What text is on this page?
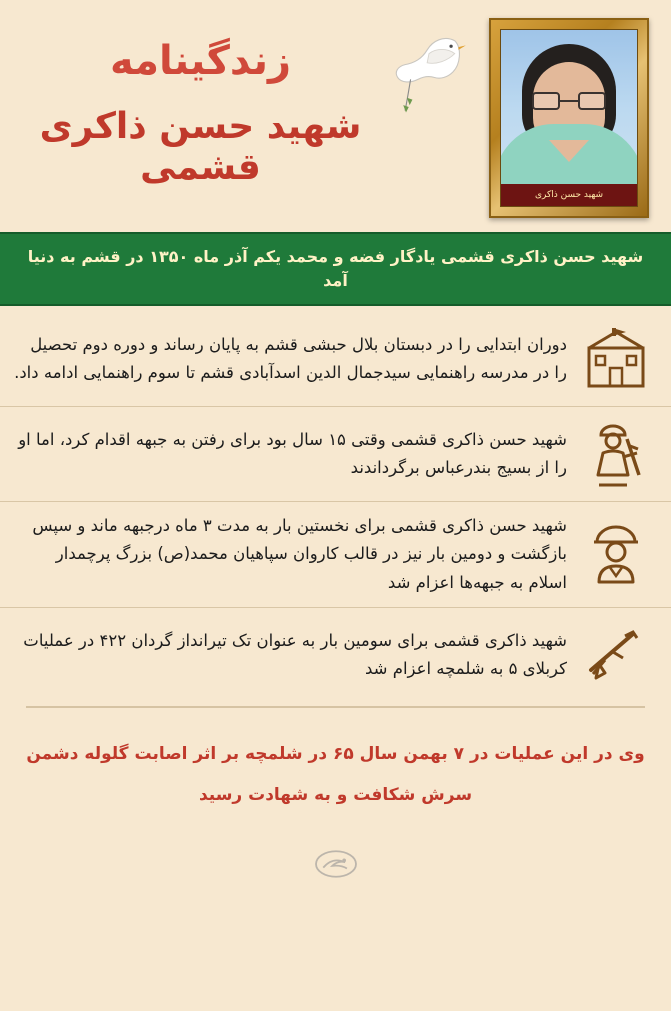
شهید حسن ذاکری
زندگینامه
شهید حسن ذاکری قشمی
شهید حسن ذاکری قشمی یادگار فضه و محمد یکم آذر ماه ۱۳۵۰ در قشم به دنیا آمد
دوران ابتدایی را در دبستان بلال حبشی قشم به پایان رساند و دوره دوم تحصیل را در مدرسه راهنمایی سیدجمال الدین اسدآبادی قشم تا سوم راهنمایی ادامه داد.
شهید حسن ذاکری قشمی وقتی ۱۵ سال بود برای رفتن به جبهه اقدام کرد، اما او را از بسیج بندرعباس برگرداندند
شهید حسن ذاکری قشمی برای نخستین بار به مدت ۳ ماه درجبهه ماند و سپس بازگشت و دومین بار نیز در قالب کاروان سپاهیان محمد(ص) بزرگ پرچمدار اسلام به جبهه‌ها اعزام شد
شهید ذاکری قشمی برای سومین بار به عنوان تک تیرانداز گردان ۴۲۲ در عملیات کربلای ۵ به شلمچه اعزام شد
وی در این عملیات در ۷ بهمن سال ۶۵ در شلمچه بر اثر اصابت گلوله دشمن
سرش شکافت و به شهادت رسید
